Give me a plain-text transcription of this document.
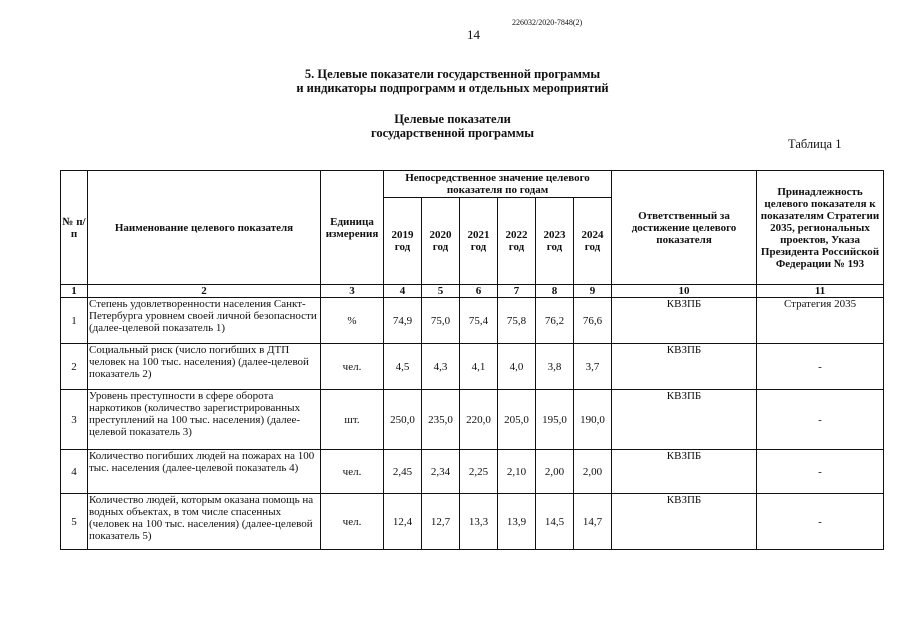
226032/2020-7848(2)
14
5. Целевые показатели государственной программы
и индикаторы подпрограмм и отдельных мероприятий
Целевые показатели
государственной программы
Таблица 1
№ п/п	Наименование целевого показателя	Единица измерения	Непосредственное значение целевого показателя по годам						Ответственный за достижение целевого показателя	Принадлежность целевого показателя к показателям Стратегии 2035, региональных проектов, Указа Президента Российской Федерации № 193
			2019 год	2020 год	2021 год	2022 год	2023 год	2024 год		
1	2	3	4	5	6	7	8	9	10	11
1	Степень удовлетворенности населения Санкт-Петербурга уровнем своей личной безопасности (далее-целевой показатель 1)	%	74,9	75,0	75,4	75,8	76,2	76,6	КВЗПБ	Стратегия 2035
2	Социальный риск (число погибших в ДТП человек на 100 тыс. населения) (далее-целевой показатель 2)	чел.	4,5	4,3	4,1	4,0	3,8	3,7	КВЗПБ	-
3	Уровень преступности в сфере оборота наркотиков (количество зарегистрированных преступлений на 100 тыс. населения) (далее-целевой показатель 3)	шт.	250,0	235,0	220,0	205,0	195,0	190,0	КВЗПБ	-
4	Количество погибших людей на пожарах на 100 тыс. населения (далее-целевой показатель 4)	чел.	2,45	2,34	2,25	2,10	2,00	2,00	КВЗПБ	-
5	Количество людей, которым оказана помощь на водных объектах, в том числе спасенных (человек на 100 тыс. населения) (далее-целевой показатель 5)	чел.	12,4	12,7	13,3	13,9	14,5	14,7	КВЗПБ	-
